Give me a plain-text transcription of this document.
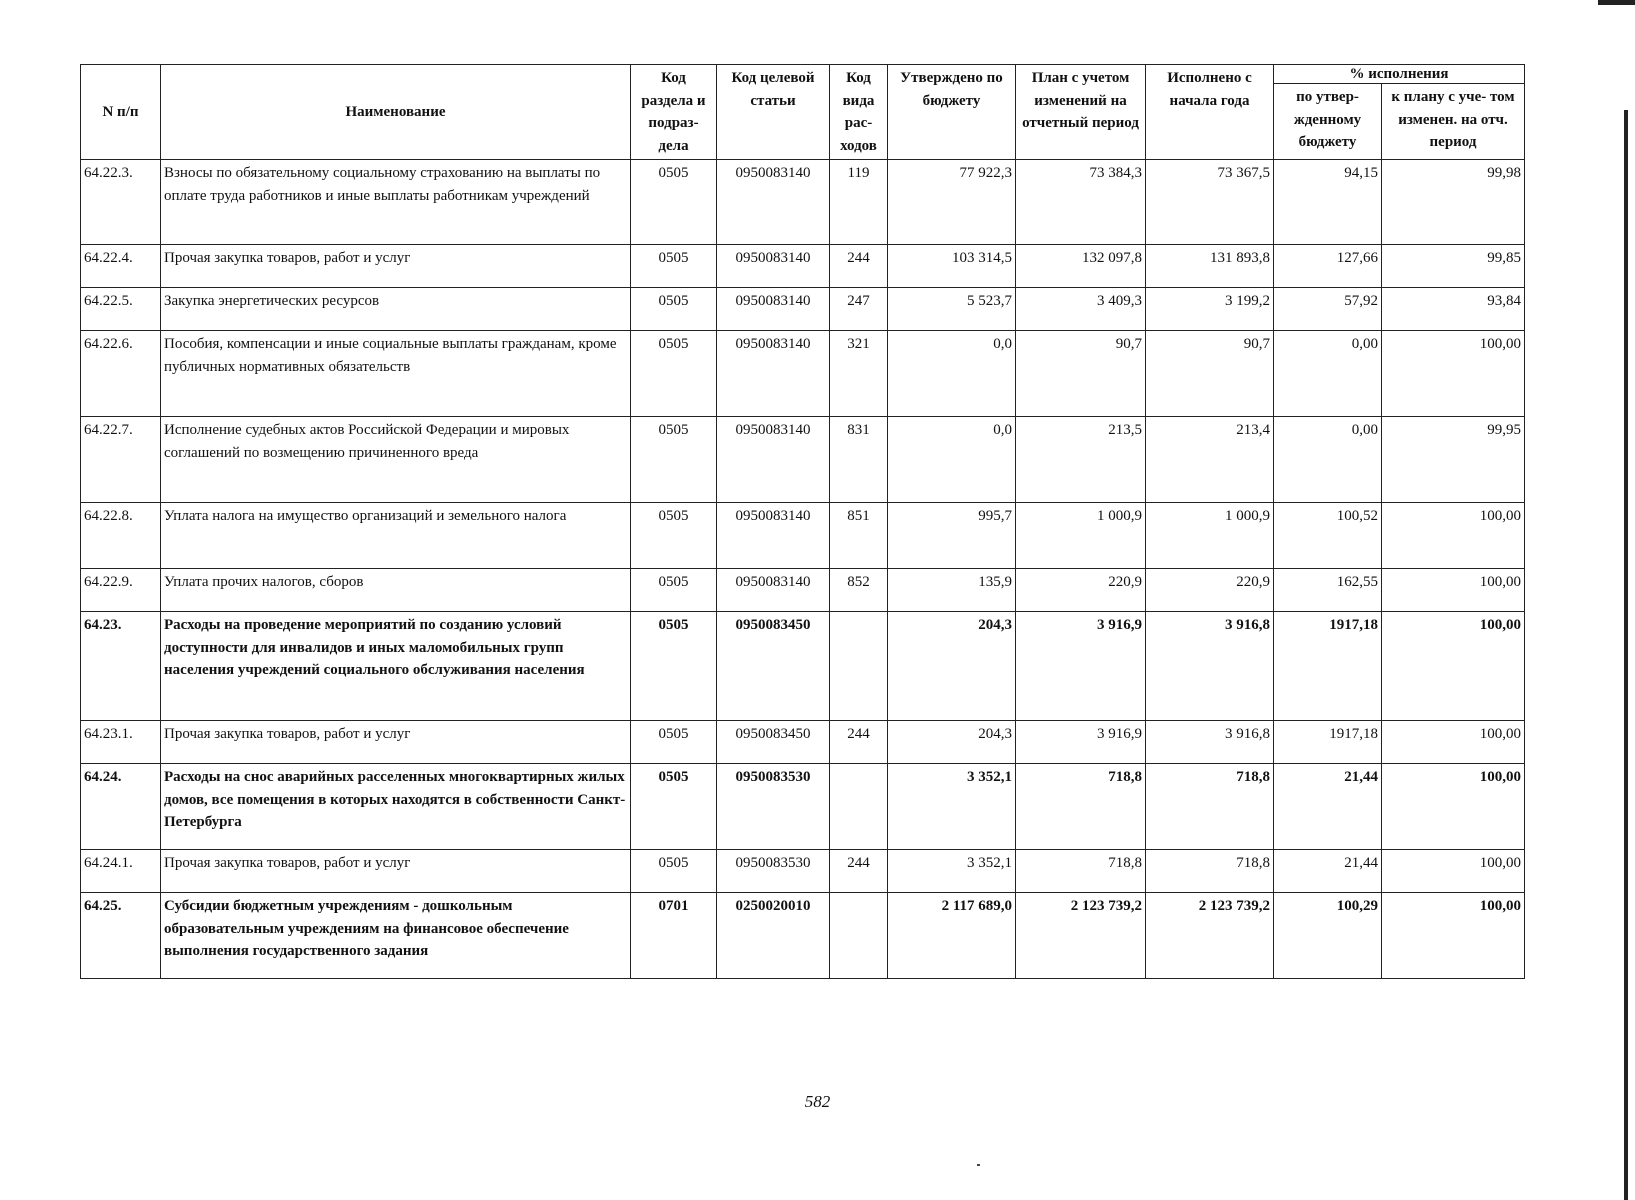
N п/п	Наименование	Код раздела и подраз- дела	Код целевой статьи	Код вида рас- ходов	Утверждено по бюджету	План с учетом изменений на отчетный период	Исполнено с начала года	% исполнения	
								по утвер- жденному бюджету	к плану с уче- том изменен. на отч. период
64.22.3.	Взносы по обязательному социальному страхованию на выплаты по оплате труда работников и иные выплаты работникам учреждений	0505	0950083140	119	77 922,3	73 384,3	73 367,5	94,15	99,98
64.22.4.	Прочая закупка товаров, работ и услуг	0505	0950083140	244	103 314,5	132 097,8	131 893,8	127,66	99,85
64.22.5.	Закупка энергетических ресурсов	0505	0950083140	247	5 523,7	3 409,3	3 199,2	57,92	93,84
64.22.6.	Пособия, компенсации и иные социальные выплаты гражданам, кроме публичных нормативных обязательств	0505	0950083140	321	0,0	90,7	90,7	0,00	100,00
64.22.7.	Исполнение судебных актов Российской Федерации и мировых соглашений по возмещению причиненного вреда	0505	0950083140	831	0,0	213,5	213,4	0,00	99,95
64.22.8.	Уплата налога на имущество организаций и земельного налога	0505	0950083140	851	995,7	1 000,9	1 000,9	100,52	100,00
64.22.9.	Уплата прочих налогов, сборов	0505	0950083140	852	135,9	220,9	220,9	162,55	100,00
64.23.	Расходы на проведение мероприятий по созданию условий доступности для инвалидов и иных маломобильных групп населения учреждений социального обслуживания населения	0505	0950083450		204,3	3 916,9	3 916,8	1917,18	100,00
64.23.1.	Прочая закупка товаров, работ и услуг	0505	0950083450	244	204,3	3 916,9	3 916,8	1917,18	100,00
64.24.	Расходы на снос аварийных расселенных многоквартирных жилых домов, все помещения в которых находятся в собственности Санкт-Петербурга	0505	0950083530		3 352,1	718,8	718,8	21,44	100,00
64.24.1.	Прочая закупка товаров, работ и услуг	0505	0950083530	244	3 352,1	718,8	718,8	21,44	100,00
64.25.	Субсидии бюджетным учреждениям - дошкольным образовательным учреждениям на финансовое обеспечение выполнения государственного задания	0701	0250020010		2 117 689,0	2 123 739,2	2 123 739,2	100,29	100,00
582
